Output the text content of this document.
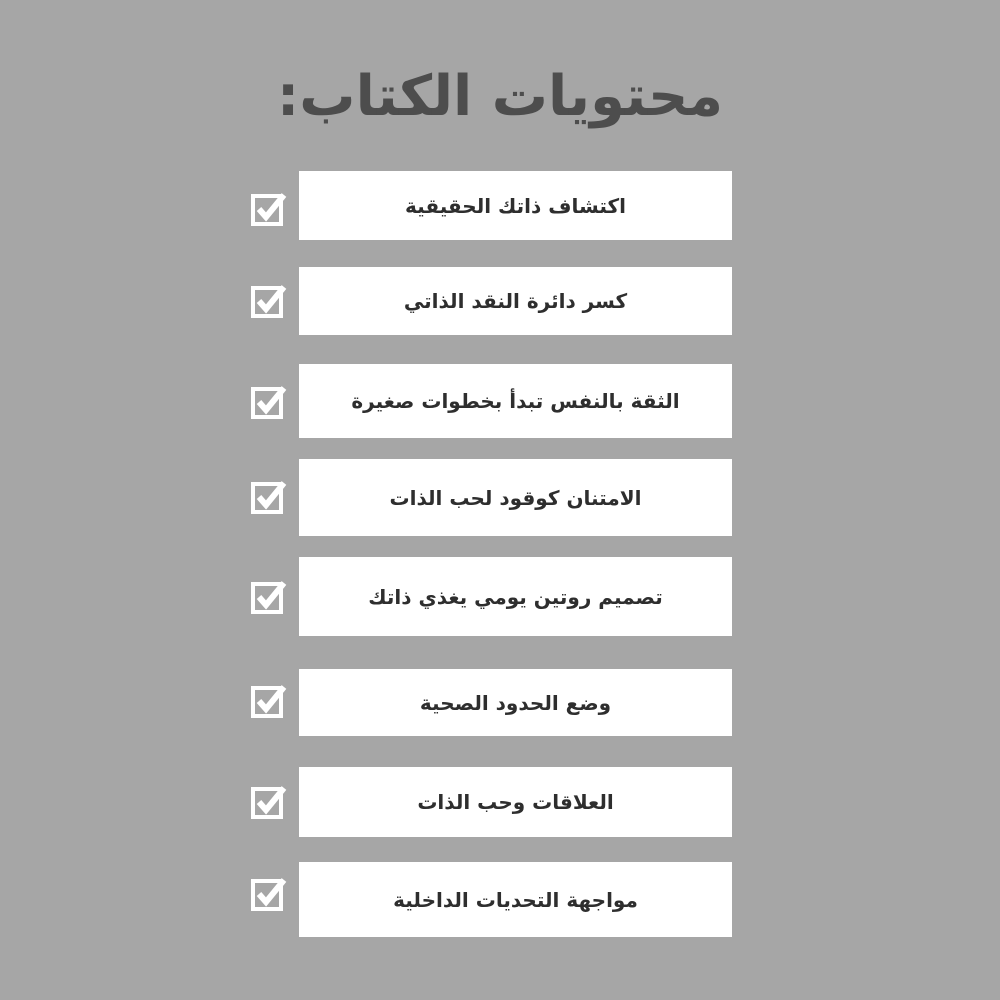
محتويات الكتاب:
اكتشاف ذاتك الحقيقية
كسر دائرة النقد الذاتي
الثقة بالنفس تبدأ بخطوات صغيرة
الامتنان كوقود لحب الذات
تصميم روتين يومي يغذي ذاتك
وضع الحدود الصحية
العلاقات وحب الذات
مواجهة التحديات الداخلية
